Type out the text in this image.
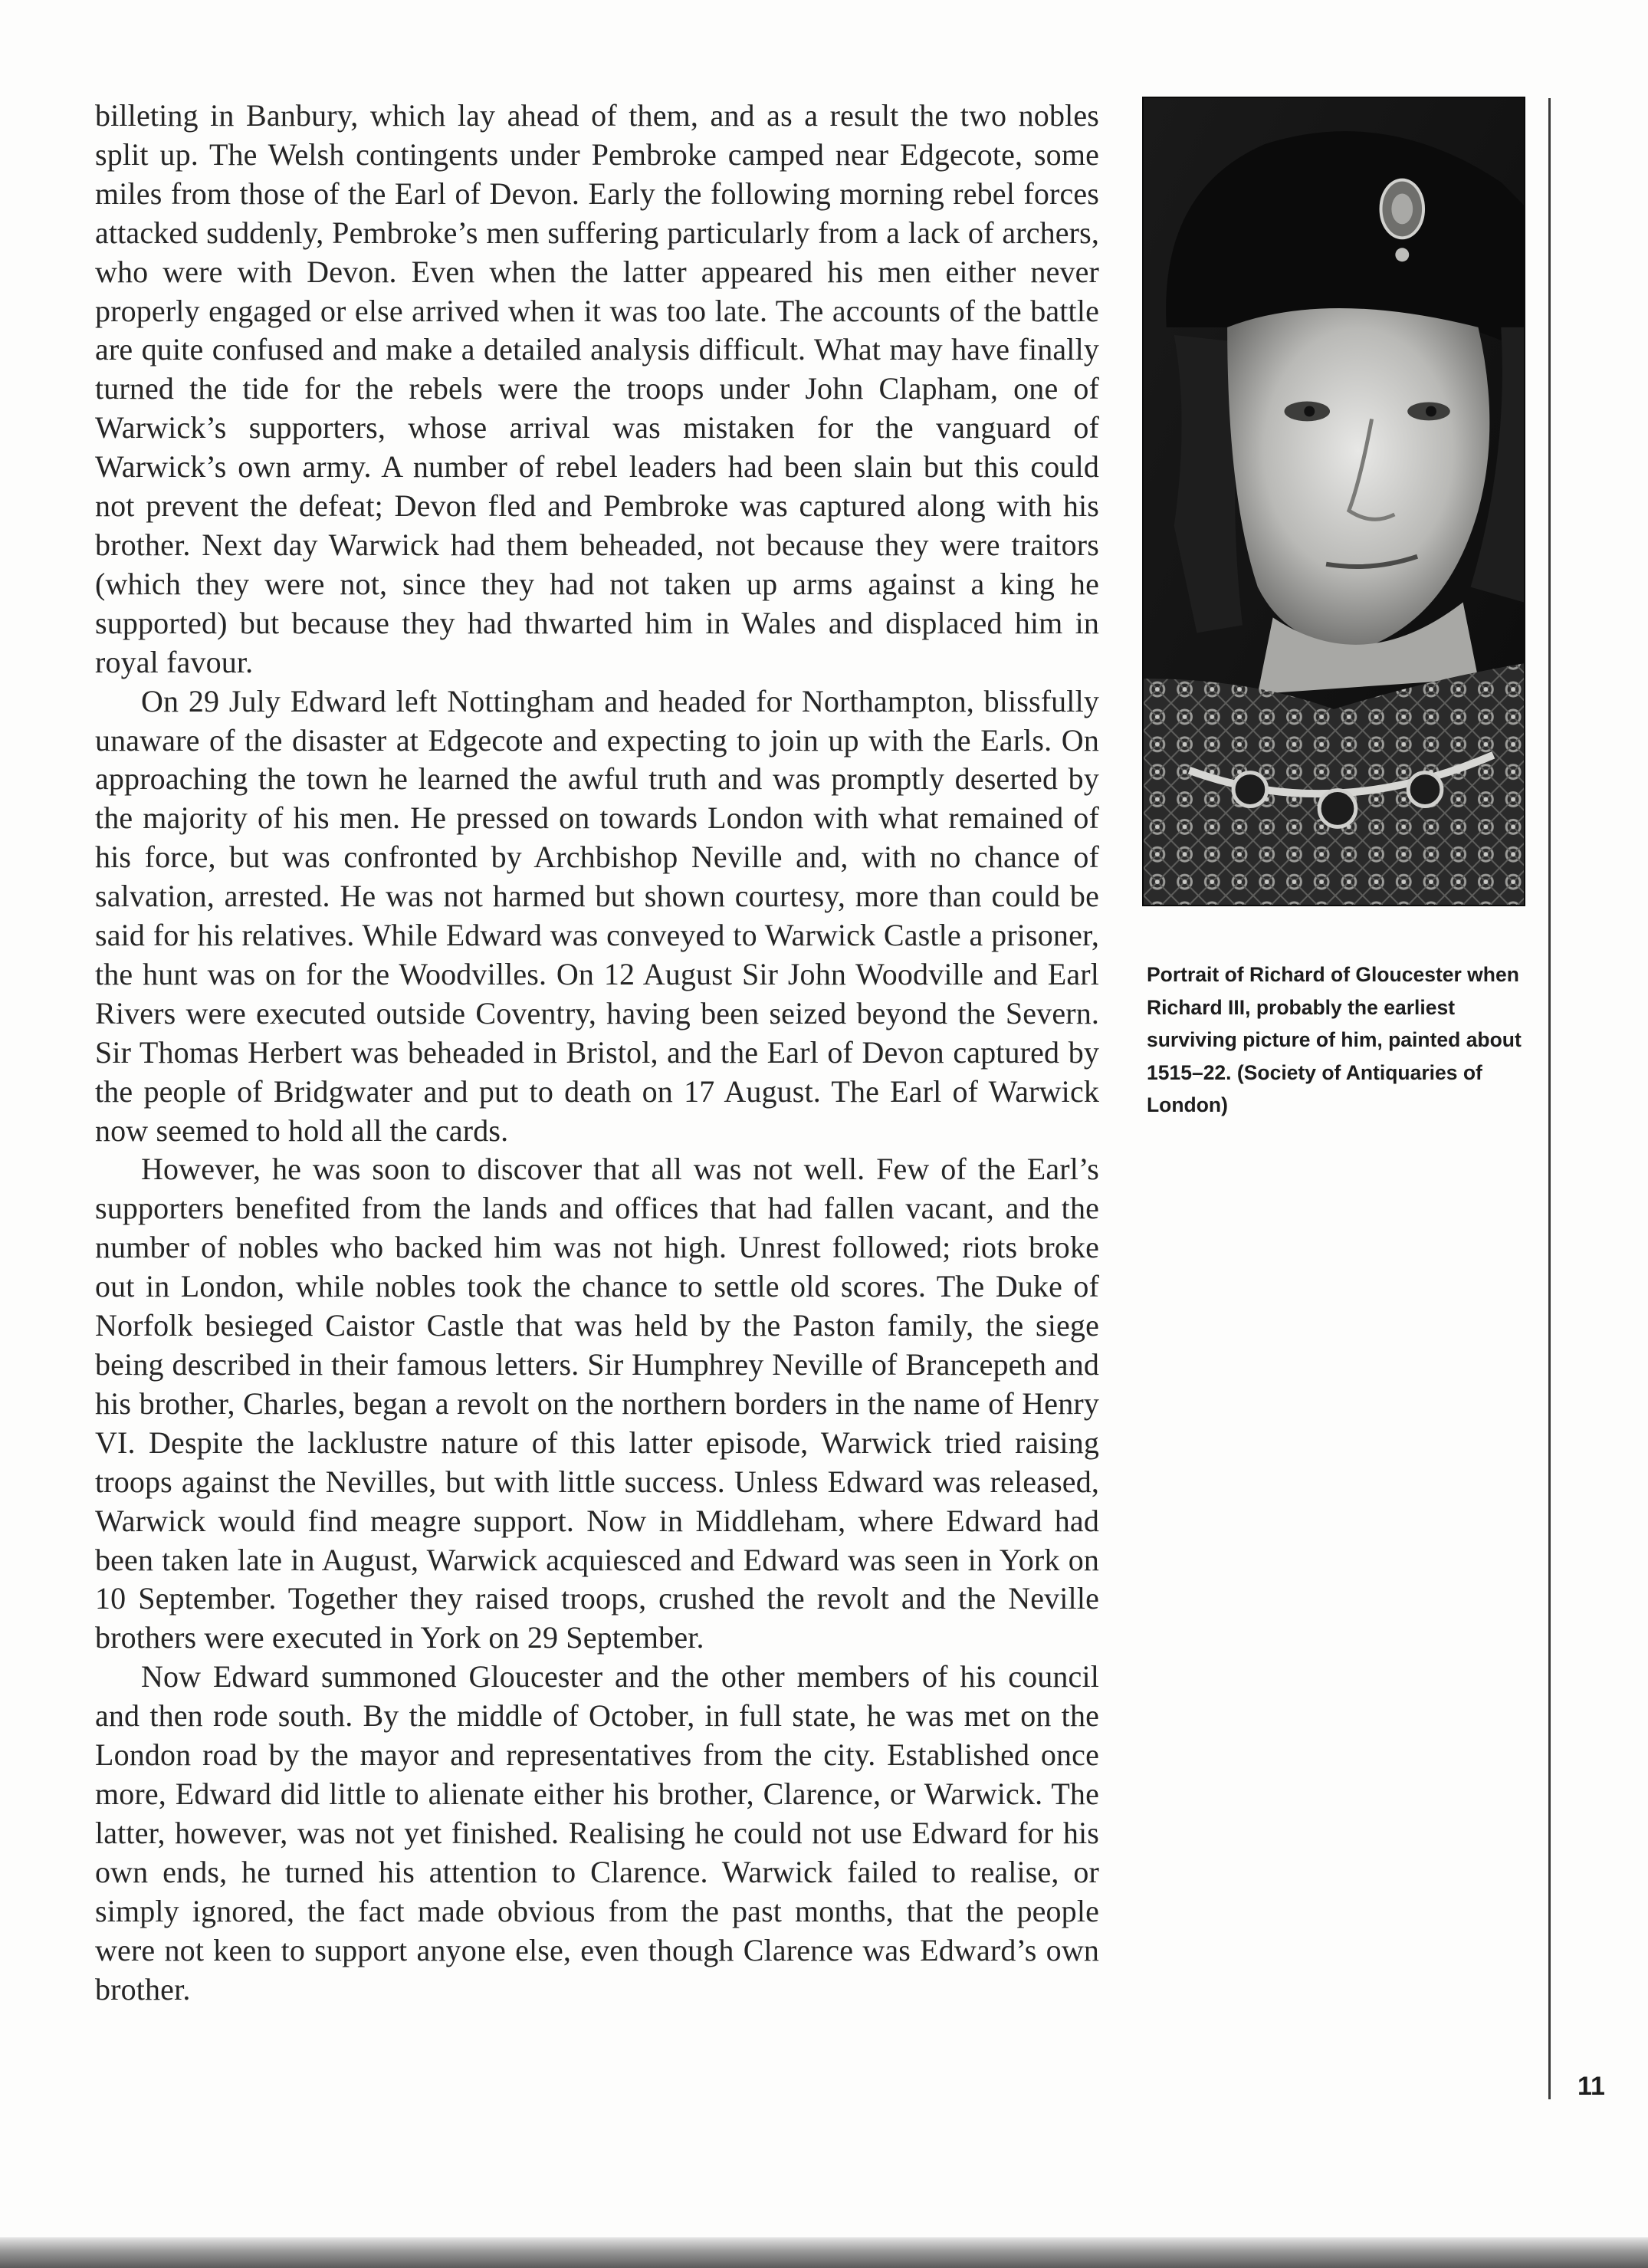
billeting in Banbury, which lay ahead of them, and as a result the two nobles split up. The Welsh contingents under Pembroke camped near Edgecote, some miles from those of the Earl of Devon. Early the following morning rebel forces attacked suddenly, Pembroke’s men suffering particularly from a lack of archers, who were with Devon. Even when the latter appeared his men either never properly engaged or else arrived when it was too late. The accounts of the battle are quite confused and make a detailed analysis difficult. What may have finally turned the tide for the rebels were the troops under John Clapham, one of Warwick’s supporters, whose arrival was mistaken for the vanguard of Warwick’s own army. A number of rebel leaders had been slain but this could not prevent the defeat; Devon fled and Pembroke was captured along with his brother. Next day Warwick had them beheaded, not because they were traitors (which they were not, since they had not taken up arms against a king he supported) but because they had thwarted him in Wales and displaced him in royal favour.

On 29 July Edward left Nottingham and headed for Northampton, blissfully unaware of the disaster at Edgecote and expecting to join up with the Earls. On approaching the town he learned the awful truth and was promptly deserted by the majority of his men. He pressed on towards London with what remained of his force, but was confronted by Archbishop Neville and, with no chance of salvation, arrested. He was not harmed but shown courtesy, more than could be said for his relatives. While Edward was conveyed to Warwick Castle a prisoner, the hunt was on for the Woodvilles. On 12 August Sir John Woodville and Earl Rivers were executed outside Coventry, having been seized beyond the Severn. Sir Thomas Herbert was beheaded in Bristol, and the Earl of Devon captured by the people of Bridgwater and put to death on 17 August. The Earl of Warwick now seemed to hold all the cards.

However, he was soon to discover that all was not well. Few of the Earl’s supporters benefited from the lands and offices that had fallen vacant, and the number of nobles who backed him was not high. Unrest followed; riots broke out in London, while nobles took the chance to settle old scores. The Duke of Norfolk besieged Caistor Castle that was held by the Paston family, the siege being described in their famous letters. Sir Humphrey Neville of Brancepeth and his brother, Charles, began a revolt on the northern borders in the name of Henry VI. Despite the lacklustre nature of this latter episode, Warwick tried raising troops against the Nevilles, but with little success. Unless Edward was released, Warwick would find meagre support. Now in Middleham, where Edward had been taken late in August, Warwick acquiesced and Edward was seen in York on 10 September. Together they raised troops, crushed the revolt and the Neville brothers were executed in York on 29 September.

Now Edward summoned Gloucester and the other members of his council and then rode south. By the middle of October, in full state, he was met on the London road by the mayor and representatives from the city. Established once more, Edward did little to alienate either his brother, Clarence, or Warwick. The latter, however, was not yet finished. Realising he could not use Edward for his own ends, he turned his attention to Clarence. Warwick failed to realise, or simply ignored, the fact made obvious from the past months, that the people were not keen to support anyone else, even though Clarence was Edward’s own brother.

Portrait of Richard of Gloucester when Richard III, probably the earliest surviving picture of him, painted about 1515–22. (Society of Antiquaries of London)
11
